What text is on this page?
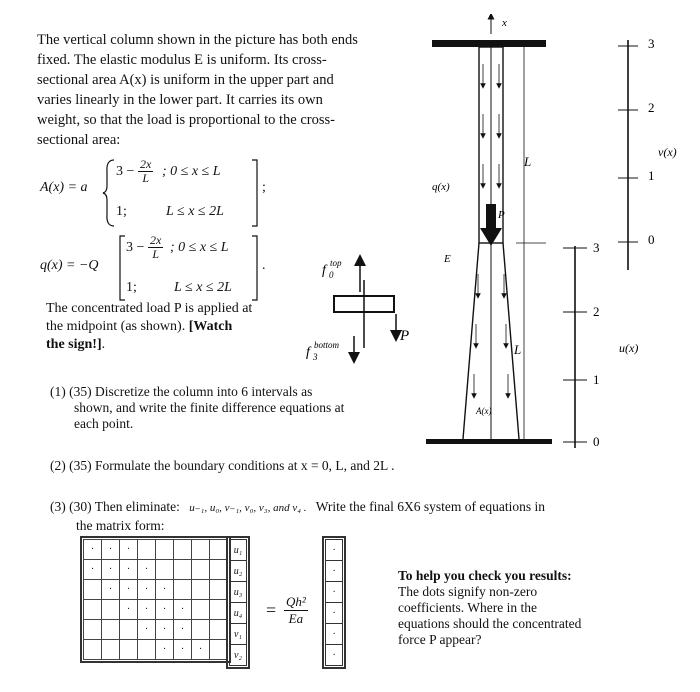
The vertical column shown in the picture has both ends
fixed. The elastic modulus E is uniform. Its cross-
sectional area A(x) is uniform in the upper part and
varies linearly in the lower part. It carries its own
weight, so that the load is proportional to the cross-
sectional area:
A(x) = a
$3 - \frac{2x}{L}$ ; 0 ≤ x ≤ L
1;	L ≤ x ≤ 2L
;
q(x) = −Q
$3 - \frac{2x}{L}$ ; 0 ≤ x ≤ L
1;	L ≤ x ≤ 2L
.
The concentrated load P is applied at
the midpoint (as shown). [Watch
the sign!].
f 0
top
P
f 3
bottom
x
L
L
P
q(x)
E
A(x)
3
2
1
0
v(x)
3
2
1
0
u(x)
(1) (35) Discretize the column into 6 intervals as
shown, and write the finite difference equations at
each point.
(2) (35) Formulate the boundary conditions at x = 0, L, and 2L .
(3) (30) Then eliminate: u₋₁, u₀, v₋₁, v₀, v₃, and v₄ . Write the final 6X6 system of equations in
the matrix form:
·	·	·					
·	·	·	·				
	·	·	·	·			
		·	·	·	·		
			·	·	·		
				·	·	·	
u₁
u₂
u₃
u₄
v₁
v₂
= $\frac{\text{Qh²}}{Ea}$
·
·
·
·
·
·
To help you check you results:
The dots signify non-zero
coefficients. Where in the
equations should the concentrated
force P appear?
